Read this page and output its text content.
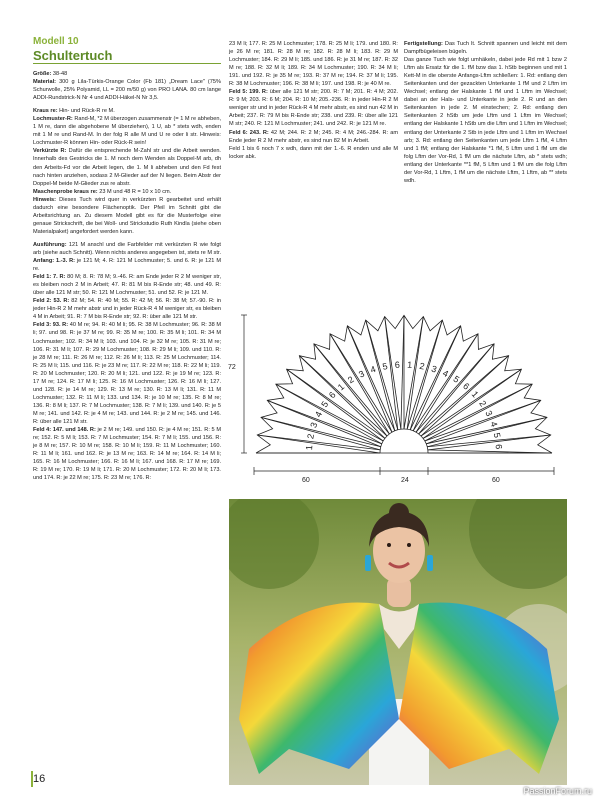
Modell 10

Schultertuch

Größe: 38-48

Material: 300 g Lila-Türkis-Orange Color (Fb 181) „Dream Lace" (75% Schurwolle, 25% Polyamid, LL = 200 m/50 g) von PRO LANA. 80 cm lange ADDI-Rundstrick-N Nr 4 und ADDI-Häkel-N Nr 3,5.

Kraus re: Hin- und Rück-R re M.

Lochmuster-R: Rand-M, *2 M überzogen zusammenstr (= 1 M re abheben, 1 M re, dann die abgehobene M überziehen), 1 U, ab * stets wdh, enden mit 1 M re und Rand-M. In der folg R alle M und U re oder li str. Hinweis: Lochmuster-R können Hin- oder Rück-R sein!

Verkürzte R: Dafür die entsprechende M-Zahl str und die Arbeit wenden. Innerhalb des Gestricks die 1. M noch dem Wenden als Doppel-M arb, dh den Arbeits-Fd vor die Arbeit legen, die 1. M li abheben und den Fd fest nach hinten anziehen, sodass 2 M-Glieder auf der N liegen. Beim Abstr der Doppel-M beide M-Glieder zus re abstr.

Maschenprobe kraus re: 23 M und 48 R = 10 x 10 cm.

Hinweis: Dieses Tuch wird quer in verkürzten R gearbeitet und erhält dadurch eine besondere Flächenoptik. Der Pfeil im Schnitt gibt die Arbeitsrichtung an. Zu diesem Modell gibt es für die Musterfolge eine genaue Strickschrift, die bei Woll- und Strickstudio Ruth Kindla (siehe oben Materialpaket) angefordert werden kann.

Ausführung: 121 M anschl und die Farbfelder mit verkürzten R wie folgt arb (siehe auch Schnitt). Wenn nichts anderes angegeben ist, stets re M str.

Anfang: 1.-3. R: je 121 M; 4. R: 121 M Lochmuster; 5. und 6. R: je 121 M re.

Feld 1: 7. R: 80 M; 8. R: 78 M; 9.-46. R: am Ende jeder R 2 M weniger str, es bleiben noch 2 M in Arbeit; 47. R: 81 M bis R-Ende str; 48. und 49. R: über alle 121 M str; 50. R: 121 M Lochmuster; 51. und 52. R: je 121 M.

Feld 2: 53. R: 82 M; 54. R: 40 M; 55. R: 42 M; 56. R: 38 M; 57.-90. R: in jeder Hin-R 2 M mehr abstr und in jeder Rück-R 4 M weniger str, es bleiben 4 M in Arbeit; 91. R: 7 M bis R-Ende str; 92. R: über alle 121 M str.

Feld 3: 93. R: 40 M re; 94. R: 40 M li; 95. R: 38 M Lochmuster; 96. R: 38 M li; 97. und 98. R: je 37 M re; 99. R: 35 M re; 100. R: 35 M li; 101. R: 34 M Lochmuster; 102. R: 34 M li; 103. und 104. R: je 32 M re; 105. R: 31 M re; 106. R: 31 M li; 107. R: 29 M Lochmuster; 108. R: 29 M li; 109. und 110. R: je 28 M re; 111. R: 26 M re; 112. R: 26 M li; 113. R: 25 M Lochmuster; 114. R: 25 M li; 115. und 116. R: je 23 M re; 117. R: 22 M re; 118. R: 22 M li; 119. R: 20 M Lochmuster; 120. R: 20 M li; 121. und 122. R: je 19 M re; 123. R: 17 M re; 124. R: 17 M li; 125. R: 16 M Lochmuster; 126. R: 16 M li; 127. und 128. R: je 14 M re; 129. R: 13 M re; 130. R: 13 M li; 131. R: 11 M Lochmuster; 132. R: 11 M li; 133. und 134. R: je 10 M re; 135. R: 8 M re; 136. R: 8 M li; 137. R: 7 M Lochmuster; 138. R: 7 M li; 139. und 140. R: je 5 M re; 141. und 142. R: je 4 M re; 143. und 144. R: je 2 M re; 145. und 146. R: über alle 121 M str.

Feld 4: 147. und 148. R: je 2 M re; 149. und 150. R: je 4 M re; 151. R: 5 M re; 152. R: 5 M li; 153. R: 7 M Lochmuster; 154. R: 7 M li; 155. und 156. R: je 8 M re; 157. R: 10 M re; 158. R: 10 M li; 159. R: 11 M Lochmuster; 160. R: 11 M li; 161. und 162. R: je 13 M re; 163. R: 14 M re; 164. R: 14 M li; 165. R: 16 M Lochmuster; 166. R: 16 M li; 167. und 168. R: 17 M re; 169. R: 19 M re; 170. R: 19 M li; 171. R: 20 M Lochmuster; 172. R: 20 M li; 173. und 174. R: je 22 M re; 175. R: 23 M re; 176. R:

23 M li; 177. R: 25 M Lochmuster; 178. R: 25 M li; 179. und 180. R: je 26 M re; 181. R: 28 M re; 182. R: 28 M li; 183. R: 29 M Lochmuster; 184. R: 29 M li; 185. und 186. R: je 31 M re; 187. R: 32 M re; 188. R: 32 M li; 189. R: 34 M Lochmuster; 190. R: 34 M li; 191. und 192. R: je 35 M re; 193. R: 37 M re; 194. R: 37 M li; 195. R: 38 M Lochmuster; 196. R: 38 M li; 197. und 198. R: je 40 M re.

Feld 5: 199. R: über alle 121 M str; 200. R: 7 M; 201. R: 4 M; 202. R: 9 M; 203. R: 6 M; 204. R: 10 M; 205.-236. R: in jeder Hin-R 2 M weniger str und in jeder Rück-R 4 M mehr abstr, es sind nun 42 M in Arbeit; 237. R: 79 M bis R-Ende str; 238. und 239. R: über alle 121 M str; 240. R: 121 M Lochmuster; 241. und 242. R: je 121 M re.

Feld 6: 243. R: 42 M; 244. R: 2 M; 245. R: 4 M; 246.-284. R: am Ende jeder R 2 M mehr abstr, es sind nun 82 M in Arbeit.

Feld 1 bis 6 noch 7 x wdh, dann mit der 1.-6. R enden und alle M locker abk.

Fertigstellung: Das Tuch lt. Schnitt spannen und leicht mit dem Dampfbügeleisen bügeln.

Das ganze Tuch wie folgt umhäkeln, dabei jede Rd mit 1 bzw 2 Lftm als Ersatz für die 1. fM bzw das 1. hStb beginnen und mit 1 Kett-M in die oberste Anfangs-Lftm schließen: 1. Rd: entlang den Seitenkanten und der gezackten Unterkante 1 fM und 2 Lftm im Wechsel; entlang der Halskante 1 fM und 1 Lftm im Wechsel; dabei an der Hals- und Unterkante in jede 2. R und an den Seitenkanten in jede 2. M einstechen; 2. Rd: entlang den Seitenkanten 2 hStb um jede Lftm und 1 Lftm im Wechsel; entlang der Halskante 1 hStb um die Lftm und 1 Lftm im Wechsel; entlang der Unterkante 2 Stb in jede Lftm und 1 Lftm im Wechsel arb; 3. Rd: entlang den Seitenkanten um jede Lftm 1 fM, 4 Lftm und 1 fM; entlang der Halskante *1 fM, 5 Lftm und 1 fM um die folg Lftm der Vor-Rd, 1 fM um die nächste Lftm, ab * stets wdh; entlang der Unterkante **1 fM, 5 Lftm und 1 fM um die folg Lftm der Vor-Rd, 1 Lftm, 1 fM um die nächste Lftm, 1 Lftm, ab ** stets wdh.

1
2
3
4
5
6
1
2
3 4 5 6 1 2 3 4
5
6
1
2
3
4
5
6
72
60	24	60
16
PassionForum.ru
